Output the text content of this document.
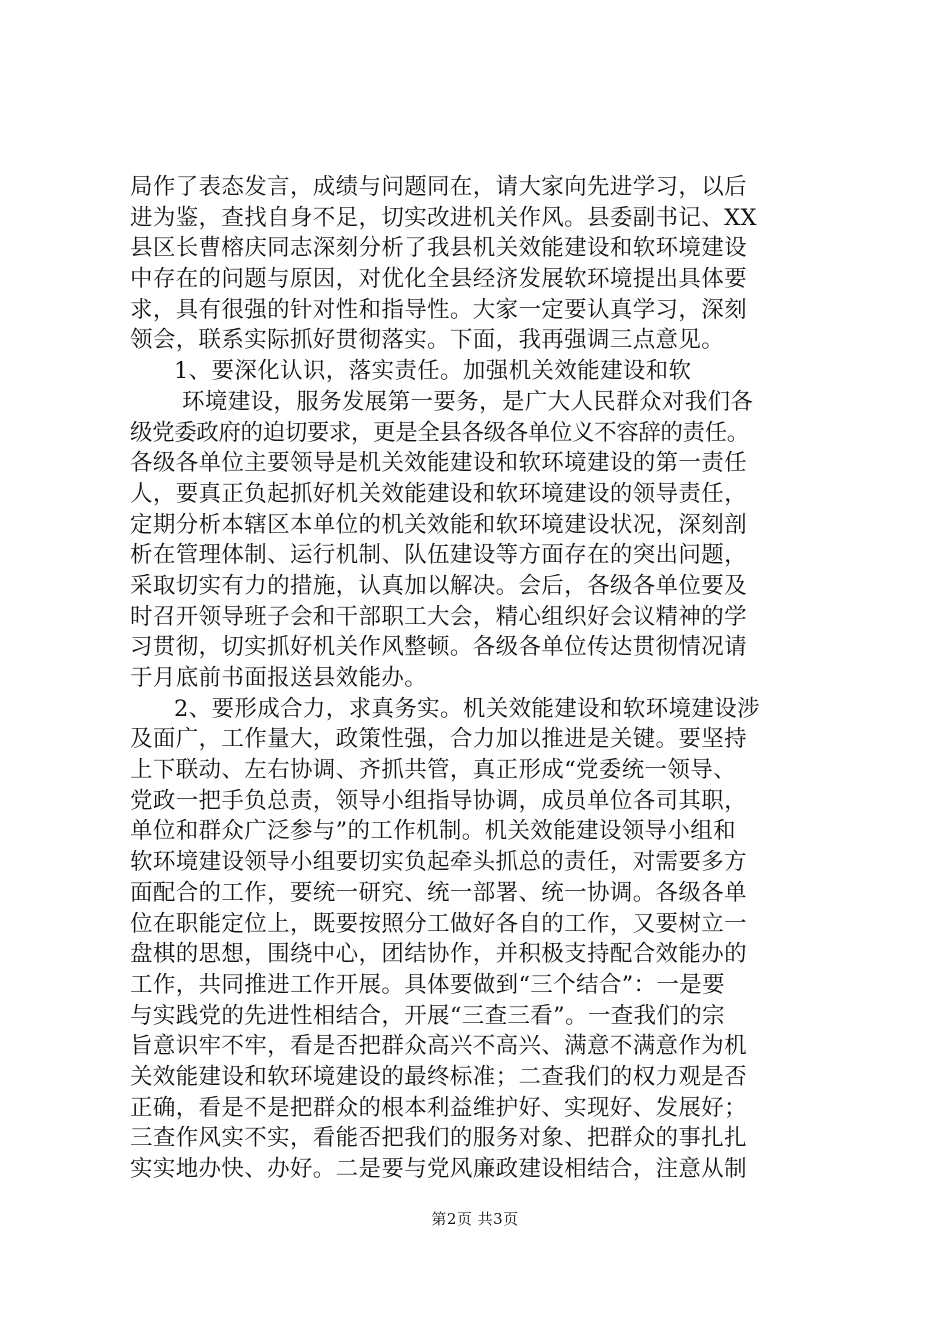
局作了表态发言，成绩与问题同在，请大家向先进学习，以后
进为鉴，查找自身不足，切实改进机关作风。县委副书记、XX
县区长曹榕庆同志深刻分析了我县机关效能建设和软环境建设
中存在的问题与原因，对优化全县经济发展软环境提出具体要
求，具有很强的针对性和指导性。大家一定要认真学习，深刻
领会，联系实际抓好贯彻落实。下面，我再强调三点意见。
1、要深化认识，落实责任。加强机关效能建设和软
环境建设，服务发展第一要务，是广大人民群众对我们各
级党委政府的迫切要求，更是全县各级各单位义不容辞的责任。
各级各单位主要领导是机关效能建设和软环境建设的第一责任
人，要真正负起抓好机关效能建设和软环境建设的领导责任，
定期分析本辖区本单位的机关效能和软环境建设状况，深刻剖
析在管理体制、运行机制、队伍建设等方面存在的突出问题，
采取切实有力的措施，认真加以解决。会后，各级各单位要及
时召开领导班子会和干部职工大会，精心组织好会议精神的学
习贯彻，切实抓好机关作风整顿。各级各单位传达贯彻情况请
于月底前书面报送县效能办。
2、要形成合力，求真务实。机关效能建设和软环境建设涉
及面广，工作量大，政策性强，合力加以推进是关键。要坚持
上下联动、左右协调、齐抓共管，真正形成“党委统一领导、
党政一把手负总责，领导小组指导协调，成员单位各司其职，
单位和群众广泛参与”的工作机制。机关效能建设领导小组和
软环境建设领导小组要切实负起牵头抓总的责任，对需要多方
面配合的工作，要统一研究、统一部署、统一协调。各级各单
位在职能定位上，既要按照分工做好各自的工作，又要树立一
盘棋的思想，围绕中心，团结协作，并积极支持配合效能办的
工作，共同推进工作开展。具体要做到“三个结合”：一是要
与实践党的先进性相结合，开展“三查三看”。一查我们的宗
旨意识牢不牢，看是否把群众高兴不高兴、满意不满意作为机
关效能建设和软环境建设的最终标准；二查我们的权力观是否
正确，看是不是把群众的根本利益维护好、实现好、发展好；
三查作风实不实，看能否把我们的服务对象、把群众的事扎扎
实实地办快、办好。二是要与党风廉政建设相结合，注意从制
第2页 共3页
